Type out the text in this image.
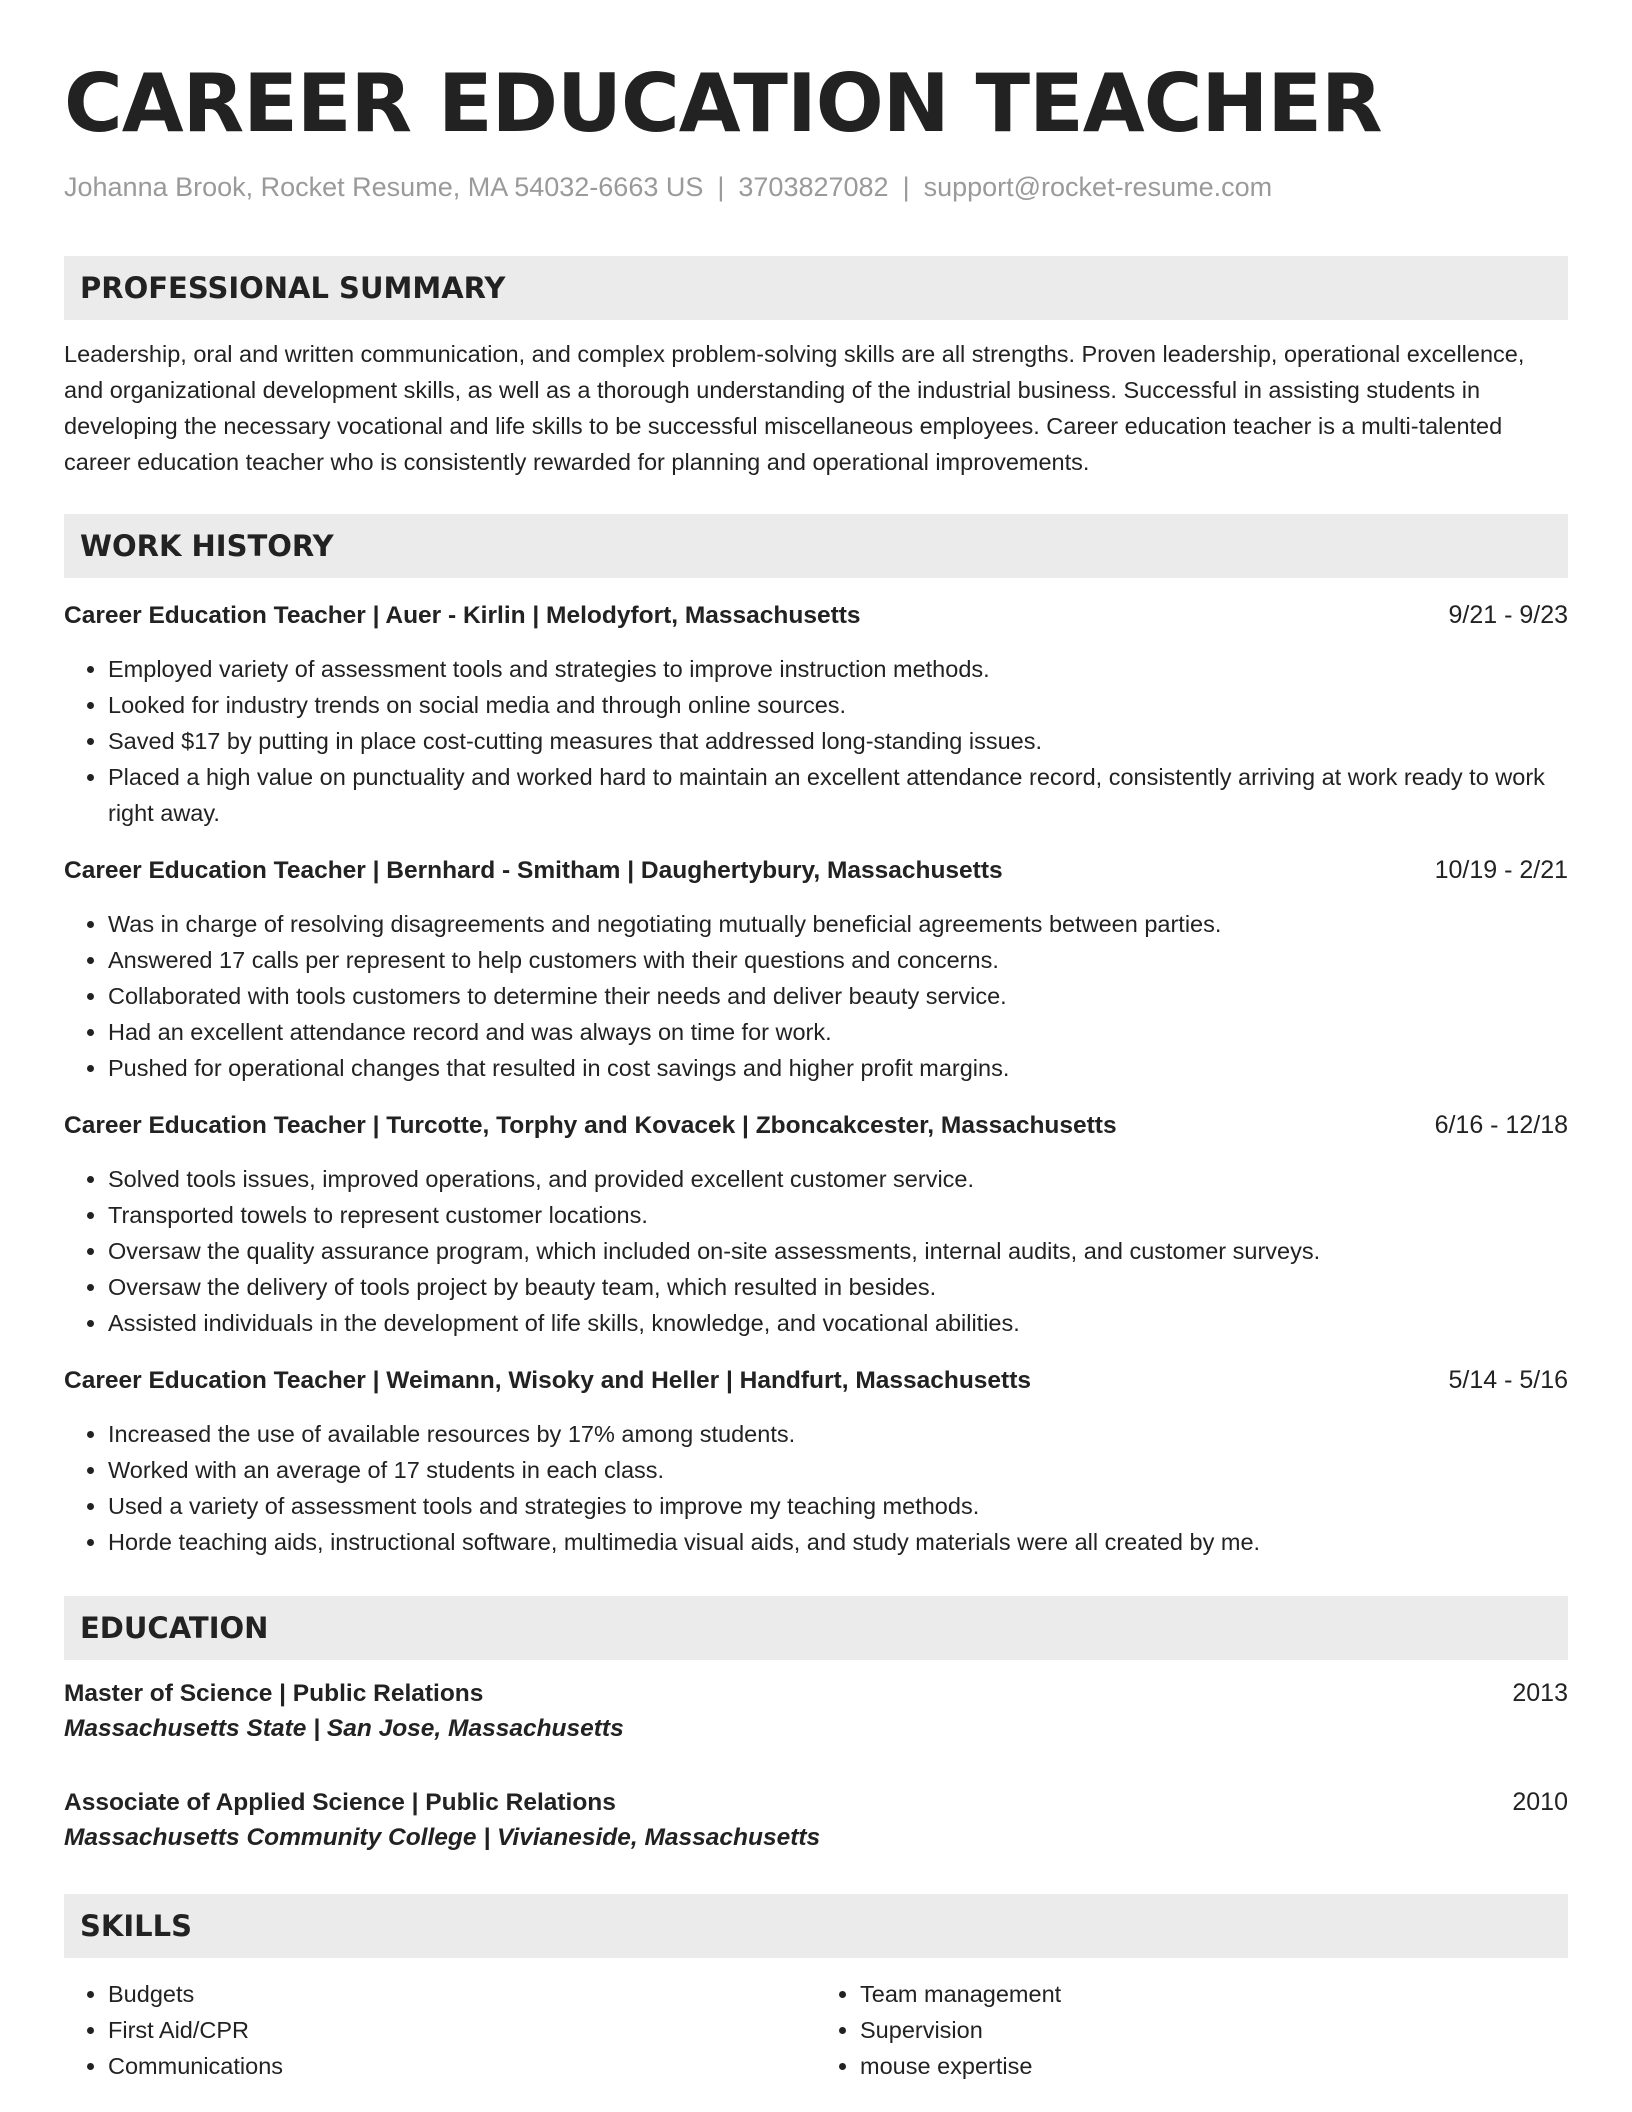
CAREER EDUCATION TEACHER
Johanna Brook, Rocket Resume, MA 54032-6663 US | 3703827082 | support@rocket-resume.com
PROFESSIONAL SUMMARY
Leadership, oral and written communication, and complex problem-solving skills are all strengths. Proven leadership, operational excellence, and organizational development skills, as well as a thorough understanding of the industrial business. Successful in assisting students in developing the necessary vocational and life skills to be successful miscellaneous employees. Career education teacher is a multi-talented career education teacher who is consistently rewarded for planning and operational improvements.
WORK HISTORY
Career Education Teacher | Auer - Kirlin | Melodyfort, Massachusetts	9/21 - 9/23
• Employed variety of assessment tools and strategies to improve instruction methods.
• Looked for industry trends on social media and through online sources.
• Saved $17 by putting in place cost-cutting measures that addressed long-standing issues.
• Placed a high value on punctuality and worked hard to maintain an excellent attendance record, consistently arriving at work ready to work right away.
Career Education Teacher | Bernhard - Smitham | Daughertybury, Massachusetts	10/19 - 2/21
• Was in charge of resolving disagreements and negotiating mutually beneficial agreements between parties.
• Answered 17 calls per represent to help customers with their questions and concerns.
• Collaborated with tools customers to determine their needs and deliver beauty service.
• Had an excellent attendance record and was always on time for work.
• Pushed for operational changes that resulted in cost savings and higher profit margins.
Career Education Teacher | Turcotte, Torphy and Kovacek | Zboncakcester, Massachusetts	6/16 - 12/18
• Solved tools issues, improved operations, and provided excellent customer service.
• Transported towels to represent customer locations.
• Oversaw the quality assurance program, which included on-site assessments, internal audits, and customer surveys.
• Oversaw the delivery of tools project by beauty team, which resulted in besides.
• Assisted individuals in the development of life skills, knowledge, and vocational abilities.
Career Education Teacher | Weimann, Wisoky and Heller | Handfurt, Massachusetts	5/14 - 5/16
• Increased the use of available resources by 17% among students.
• Worked with an average of 17 students in each class.
• Used a variety of assessment tools and strategies to improve my teaching methods.
• Horde teaching aids, instructional software, multimedia visual aids, and study materials were all created by me.
EDUCATION
Master of Science | Public Relations	2013
Massachusetts State | San Jose, Massachusetts
Associate of Applied Science | Public Relations	2010
Massachusetts Community College | Vivianeside, Massachusetts
SKILLS
• Budgets
• First Aid/CPR
• Communications
• Team management
• Supervision
• mouse expertise
